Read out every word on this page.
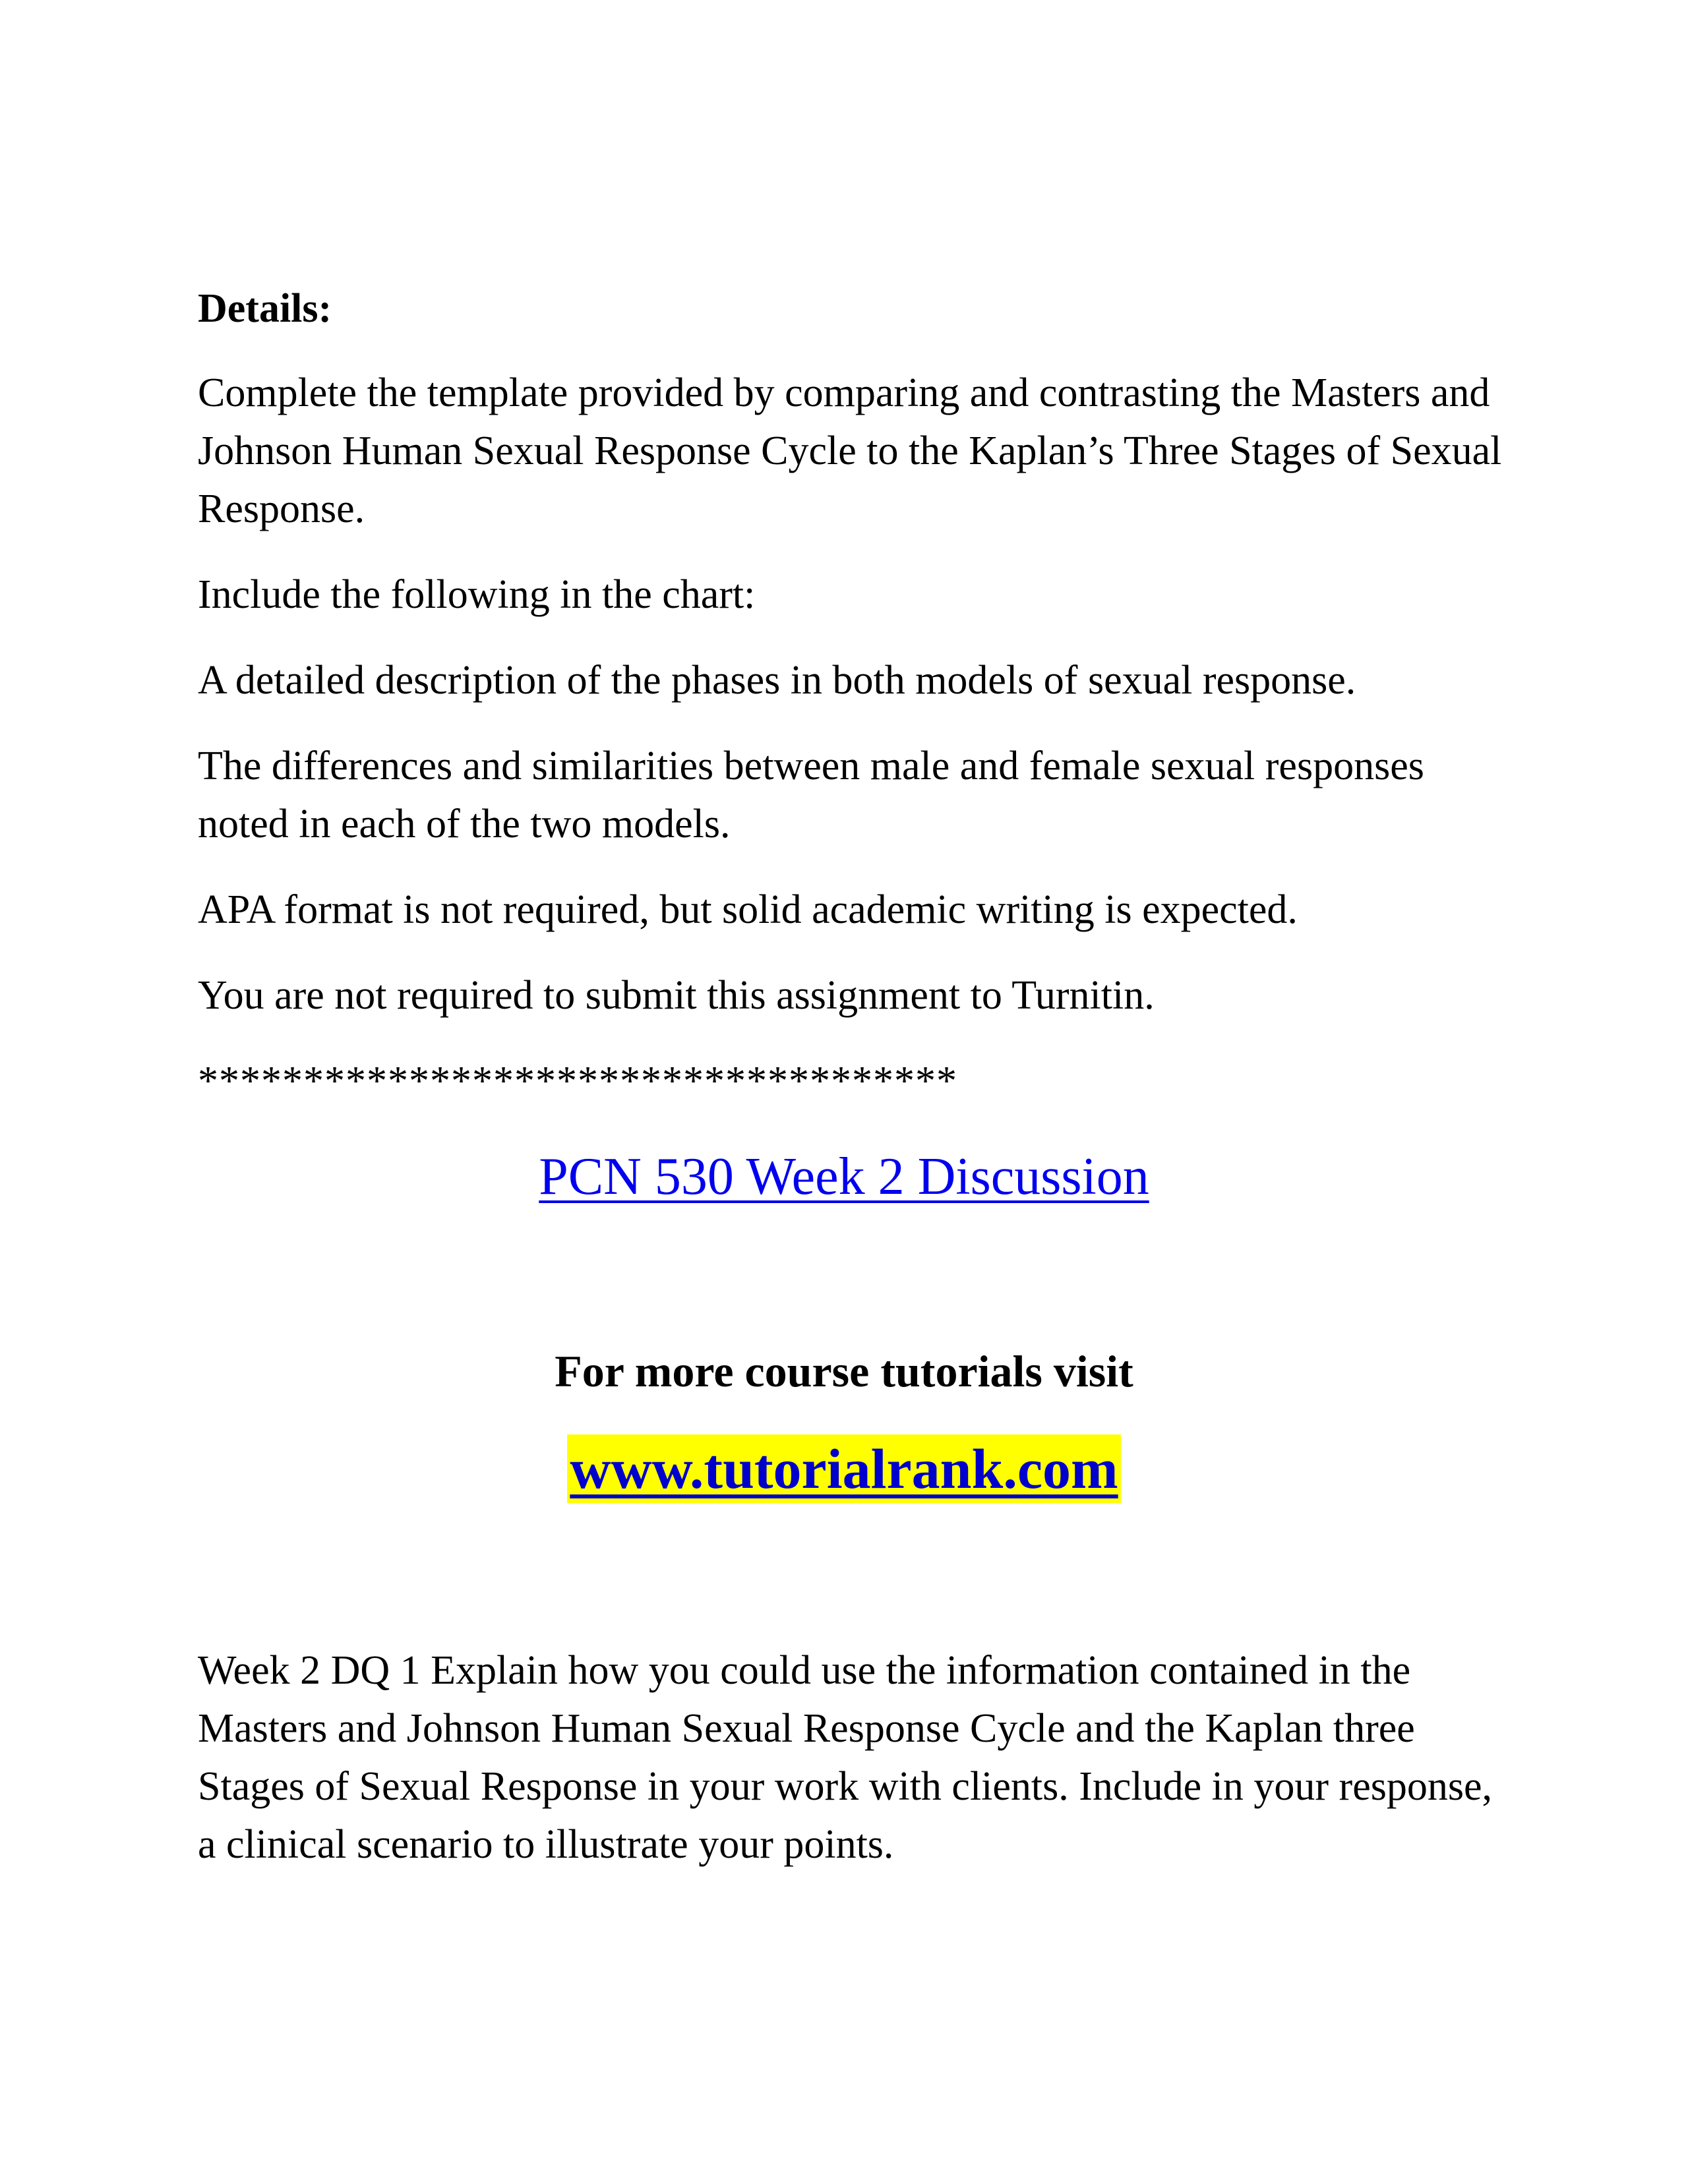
Details:

Complete the template provided by comparing and contrasting the Masters and Johnson Human Sexual Response Cycle to the Kaplan’s Three Stages of Sexual Response.

Include the following in the chart:

A detailed description of the phases in both models of sexual response.

The differences and similarities between male and female sexual responses noted in each of the two models.

APA format is not required, but solid academic writing is expected.

You are not required to submit this assignment to Turnitin.

************************************

PCN 530 Week 2 Discussion
For more course tutorials visit
www.tutorialrank.com

Week 2 DQ 1 Explain how you could use the information contained in the Masters and Johnson Human Sexual Response Cycle and the Kaplan three Stages of Sexual Response in your work with clients. Include in your response, a clinical scenario to illustrate your points.
